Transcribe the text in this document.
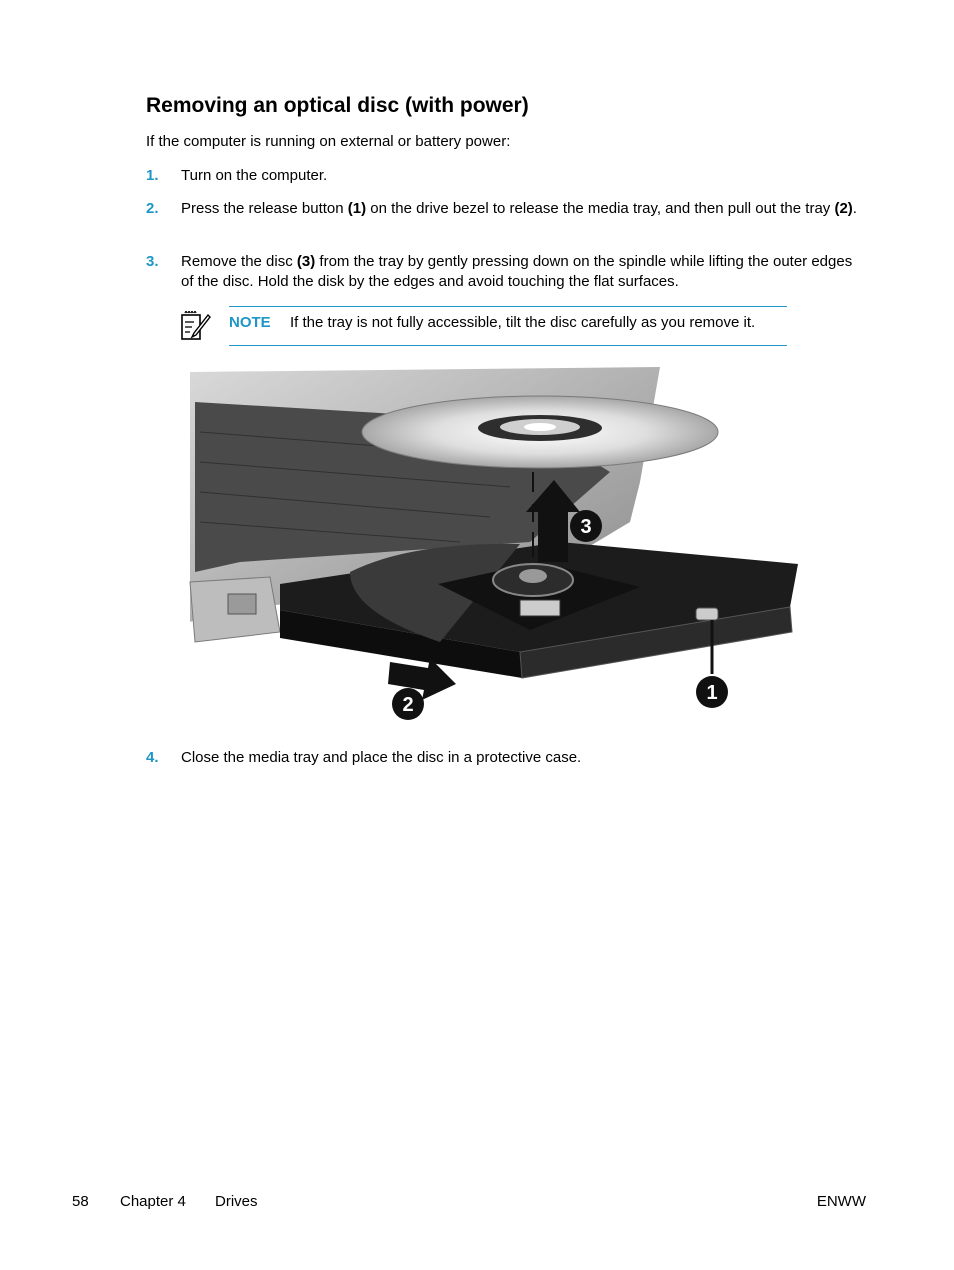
Removing an optical disc (with power)
If the computer is running on external or battery power:
1. Turn on the computer.
2. Press the release button (1) on the drive bezel to release the media tray, and then pull out the tray (2).
3. Remove the disc (3) from the tray by gently pressing down on the spindle while lifting the outer edges of the disc. Hold the disk by the edges and avoid touching the flat surfaces.
NOTE If the tray is not fully accessible, tilt the disc carefully as you remove it.
1
2
3
4. Close the media tray and place the disc in a protective case.
58 Chapter 4 Drives	ENWW
